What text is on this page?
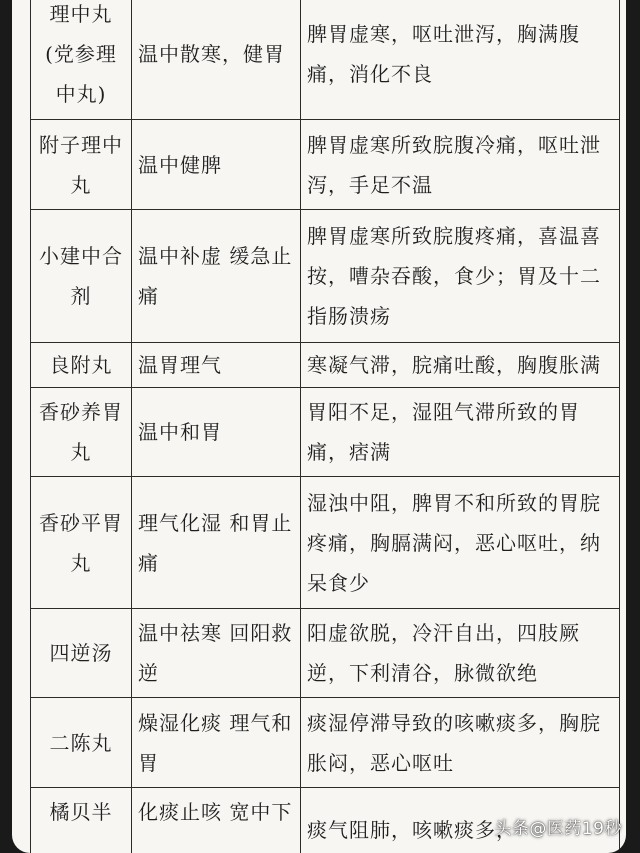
理中丸(党参理中丸)	温中散寒，健胃	脾胃虚寒，呕吐泄泻，胸满腹痛，消化不良
附子理中丸	温中健脾	脾胃虚寒所致脘腹冷痛，呕吐泄泻，手足不温
小建中合剂	温中补虚 缓急止痛	脾胃虚寒所致脘腹疼痛，喜温喜按，嘈杂吞酸，食少；胃及十二指肠溃疡
良附丸	温胃理气	寒凝气滞，脘痛吐酸，胸腹胀满
香砂养胃丸	温中和胃	胃阳不足，湿阻气滞所致的胃痛，痞满
香砂平胃丸	理气化湿 和胃止痛	湿浊中阻，脾胃不和所致的胃脘疼痛，胸膈满闷，恶心呕吐，纳呆食少
四逆汤	温中祛寒 回阳救逆	阳虚欲脱，冷汗自出，四肢厥逆，下利清谷，脉微欲绝
二陈丸	燥湿化痰 理气和胃	痰湿停滞导致的咳嗽痰多，胸脘胀闷，恶心呕吐
橘贝半	化痰止咳 宽中下	痰气阻肺，咳嗽痰多，
头条@医药19秒
